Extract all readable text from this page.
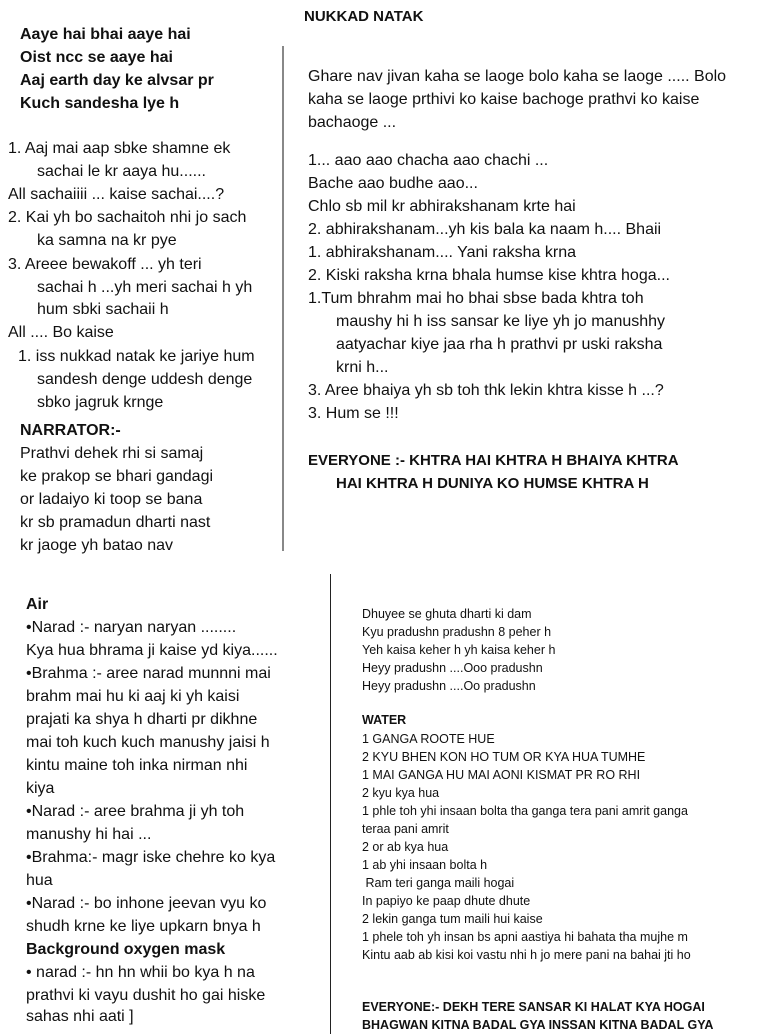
NUKKAD NATAK
Aaye hai bhai aaye hai
Oist ncc se aaye hai
Aaj earth day ke alvsar pr
Kuch sandesha lye h
1. Aaj mai aap sbke shamne ek
sachai le kr aaya hu......
All sachaiiii ... kaise sachai....?
2. Kai yh bo sachaitoh nhi jo sach
ka samna na kr pye
3. Areee bewakoff ... yh teri
sachai h ...yh meri sachai h yh
hum sbki sachaii h
All .... Bo kaise
1. iss nukkad natak ke jariye hum
sandesh denge uddesh denge
sbko jagruk krnge
NARRATOR:-
Prathvi dehek rhi si samaj
ke prakop se bhari gandagi
or ladaiyo ki toop se bana
kr sb pramadun dharti nast
kr jaoge yh batao nav
Ghare nav jivan kaha se laoge bolo kaha se laoge ..... Bolo
kaha se laoge prthivi ko kaise bachoge prathvi ko kaise
bachaoge ...
1... aao aao chacha aao chachi ...
Bache aao budhe aao...
Chlo sb mil kr abhirakshanam krte hai
2. abhirakshanam...yh kis bala ka naam h.... Bhaii
1. abhirakshanam.... Yani raksha krna
2. Kiski raksha krna bhala humse kise khtra hoga...
1.Tum bhrahm mai ho bhai sbse bada khtra toh
maushy hi h iss sansar ke liye yh jo manushhy
aatyachar kiye jaa rha h prathvi pr uski raksha
krni h...
3. Aree bhaiya yh sb toh thk lekin khtra kisse h ...?
3. Hum se !!!
EVERYONE :- KHTRA HAI KHTRA H BHAIYA KHTRA
HAI KHTRA H DUNIYA KO HUMSE KHTRA H
Air
•Narad :- naryan naryan ........
Kya hua bhrama ji kaise yd kiya......
•Brahma :- aree narad munnni mai
brahm mai hu ki aaj ki yh kaisi
prajati ka shya h dharti pr dikhne
mai toh kuch kuch manushy jaisi h
kintu maine toh inka nirman nhi
kiya
•Narad :- aree brahma ji yh toh
manushy hi hai ...
•Brahma:- magr iske chehre ko kya
hua
•Narad :- bo inhone jeevan vyu ko
shudh krne ke liye upkarn bnya h
Background oxygen mask
• narad :- hn hn whii bo kya h na
prathvi ki vayu dushit ho gai hiske
sahas nhi aati ]
Dhuyee se ghuta dharti ki dam
Kyu pradushn pradushn 8 peher h
Yeh kaisa keher h yh kaisa keher h
Heyy pradushn ....Ooo pradushn
Heyy pradushn ....Oo pradushn
WATER
1 GANGA ROOTE HUE
2 KYU BHEN KON HO TUM OR KYA HUA TUMHE
1 MAI GANGA HU MAI AONI KISMAT PR RO RHI
2 kyu kya hua
1 phle toh yhi insaan bolta tha ganga tera pani amrit ganga
teraa pani amrit
2 or ab kya hua
1 ab yhi insaan bolta h
Ram teri ganga maili hogai
In papiyo ke paap dhute dhute
2 lekin ganga tum maili hui kaise
1 phele toh yh insan bs apni aastiya hi bahata tha mujhe m
Kintu aab ab kisi koi vastu nhi h jo mere pani na bahai jti ho
EVERYONE:- DEKH TERE SANSAR KI HALAT KYA HOGAI
BHAGWAN KITNA BADAL GYA INSSAN KITNA BADAL GYA
